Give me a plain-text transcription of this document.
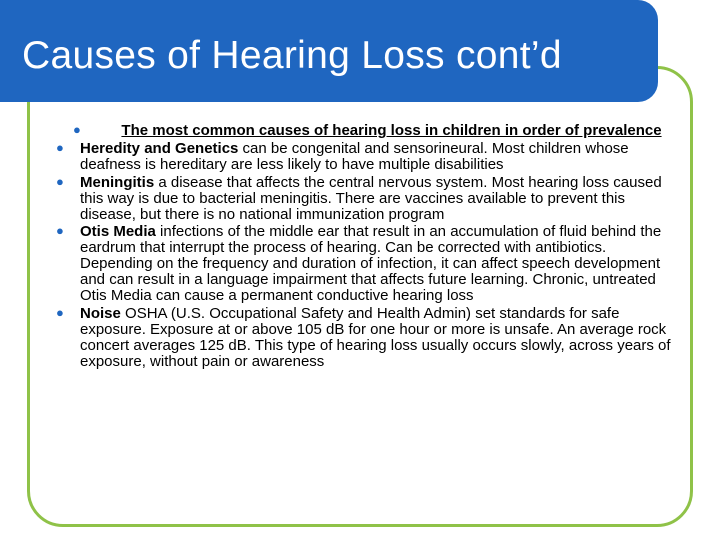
Causes of Hearing Loss cont’d
●	The most common causes of hearing loss in children in order of prevalence
● Heredity and Genetics can be congenital and sensorineural. Most children whose deafness is hereditary are less likely to have multiple disabilities
● Meningitis a disease that affects the central nervous system. Most hearing loss caused this way is due to bacterial meningitis. There are vaccines available to prevent this disease, but there is no national immunization program
● Otis Media infections of the middle ear that result in an accumulation of fluid behind the eardrum that interrupt the process of hearing. Can be corrected with antibiotics. Depending on the frequency and duration of infection, it can affect speech development and can result in a language impairment that affects future learning. Chronic, untreated Otis Media can cause a permanent conductive hearing loss
● Noise OSHA (U.S. Occupational Safety and Health Admin) set standards for safe exposure. Exposure at or above 105 dB for one hour or more is unsafe. An average rock concert averages 125 dB. This type of hearing loss usually occurs slowly, across years of exposure, without pain or awareness
